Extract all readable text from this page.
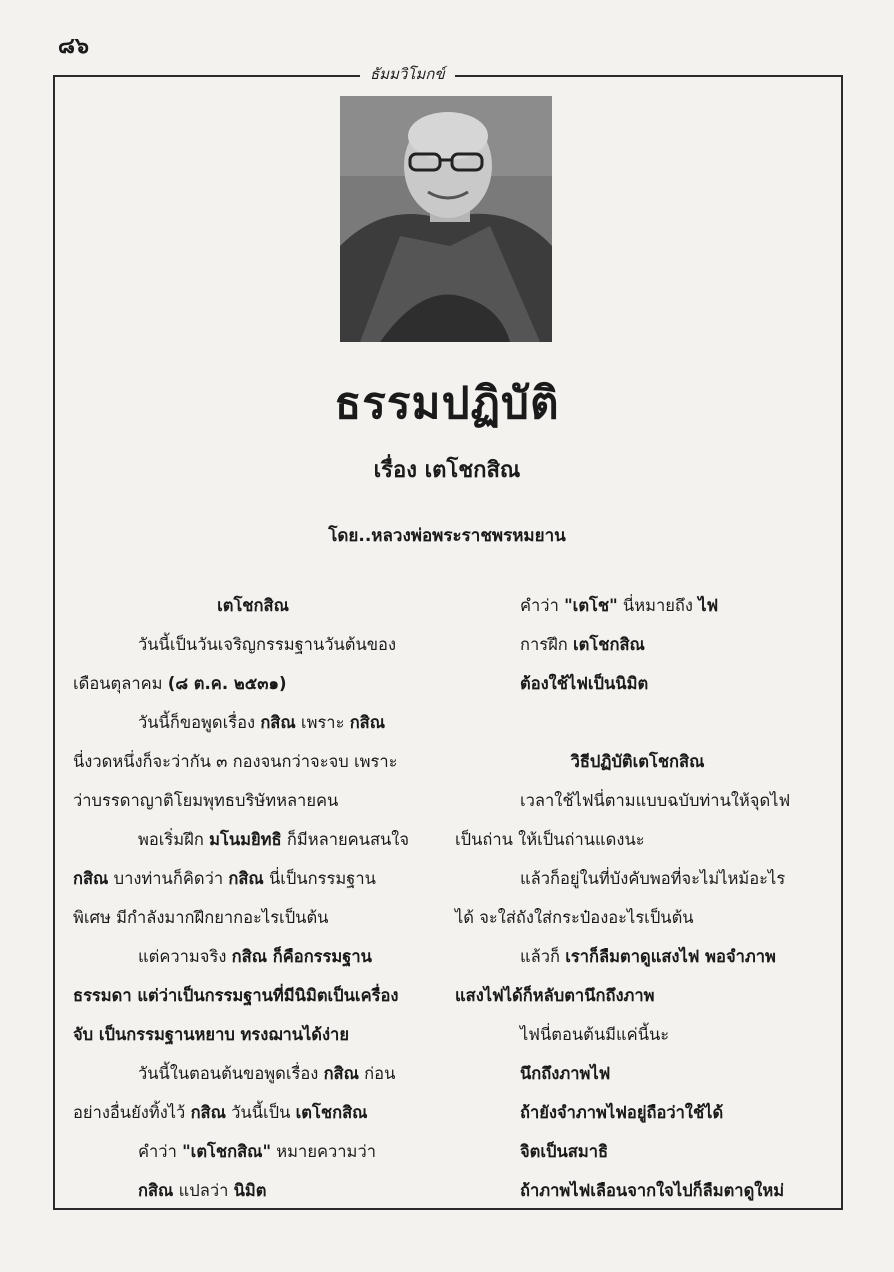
๘๖
ธัมมวิโมกข์
ธรรมปฏิบัติ
เรื่อง เตโชกสิณ
โดย..หลวงพ่อพระราชพรหมยาน

เตโชกสิณ

วันนี้เป็นวันเจริญกรรมฐานวันต้นของ

เดือนตุลาคม (๘ ต.ค. ๒๕๓๑)

วันนี้ก็ขอพูดเรื่อง กสิณ เพราะ กสิณ

นี่งวดหนึ่งก็จะว่ากัน ๓ กองจนกว่าจะจบ เพราะ

ว่าบรรดาญาติโยมพุทธบริษัทหลายคน

พอเริ่มฝึก มโนมยิทธิ ก็มีหลายคนสนใจ

กสิณ บางท่านก็คิดว่า กสิณ นี่เป็นกรรมฐาน

พิเศษ มีกำลังมากฝึกยากอะไรเป็นต้น

แต่ความจริง กสิณ ก็คือกรรมฐาน

ธรรมดา แต่ว่าเป็นกรรมฐานที่มีนิมิตเป็นเครื่อง

จับ เป็นกรรมฐานหยาบ ทรงฌานได้ง่าย

วันนี้ในตอนต้นขอพูดเรื่อง กสิณ ก่อน

อย่างอื่นยังทิ้งไว้ กสิณ วันนี้เป็น เตโชกสิณ

คำว่า "เตโชกสิณ" หมายความว่า

กสิณ แปลว่า นิมิต

คำว่า "เตโช" นี่หมายถึง ไฟ

การฝึก เตโชกสิณ

ต้องใช้ไฟเป็นนิมิต

วิธีปฏิบัติเตโชกสิณ

เวลาใช้ไฟนี่ตามแบบฉบับท่านให้จุดไฟ

เป็นถ่าน ให้เป็นถ่านแดงนะ

แล้วก็อยู่ในที่บังคับพอที่จะไม่ไหม้อะไร

ได้ จะใส่ถังใส่กระป๋องอะไรเป็นต้น

แล้วก็ เราก็ลืมตาดูแสงไฟ พอจำภาพ

แสงไฟได้ก็หลับตานึกถึงภาพ

ไฟนี่ตอนต้นมีแค่นี้นะ

นึกถึงภาพไฟ

ถ้ายังจำภาพไฟอยู่ถือว่าใช้ได้

จิตเป็นสมาธิ

ถ้าภาพไฟเลือนจากใจไปก็ลืมตาดูใหม่
